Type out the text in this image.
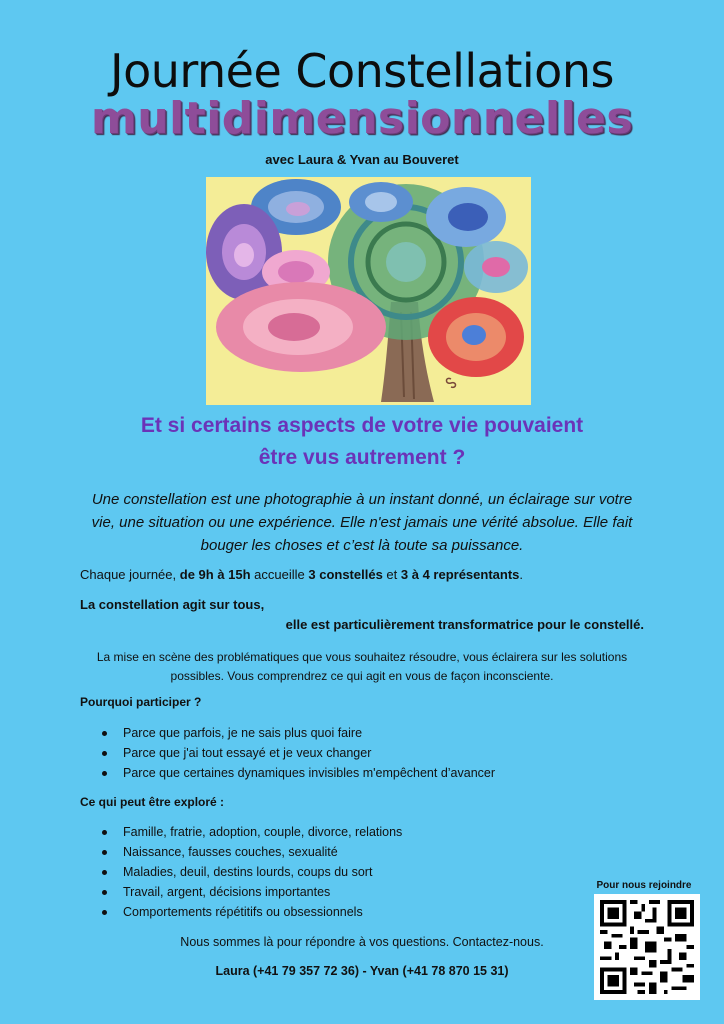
Journée Constellations
multidimensionnelles
avec Laura & Yvan au Bouveret
Et si certains aspects de votre vie pouvaient
être vus autrement ?
Une constellation est une photographie à un instant donné, un éclairage sur votre vie, une situation ou une expérience. Elle n'est jamais une vérité absolue. Elle fait bouger les choses et c’est là toute sa puissance.
Chaque journée, de 9h à 15h accueille 3 constellés et 3 à 4 représentants.
La constellation agit sur tous,
elle est particulièrement transformatrice pour le constellé.
La mise en scène des problématiques que vous souhaitez résoudre, vous éclairera sur les solutions possibles. Vous comprendrez ce qui agit en vous de façon inconsciente.
Pourquoi participer ?
Parce que parfois, je ne sais plus quoi faire
Parce que j'ai tout essayé et je veux changer
Parce que certaines dynamiques invisibles m'empêchent d’avancer
Ce qui peut être exploré :
Famille, fratrie, adoption, couple, divorce, relations
Naissance, fausses couches, sexualité
Maladies, deuil, destins lourds, coups du sort
Travail, argent, décisions importantes
Comportements répétitifs ou obsessionnels
Nous sommes là pour répondre à vos questions. Contactez-nous.
Laura (+41 79 357 72 36) - Yvan (+41 78 870 15 31)
Pour nous rejoindre
